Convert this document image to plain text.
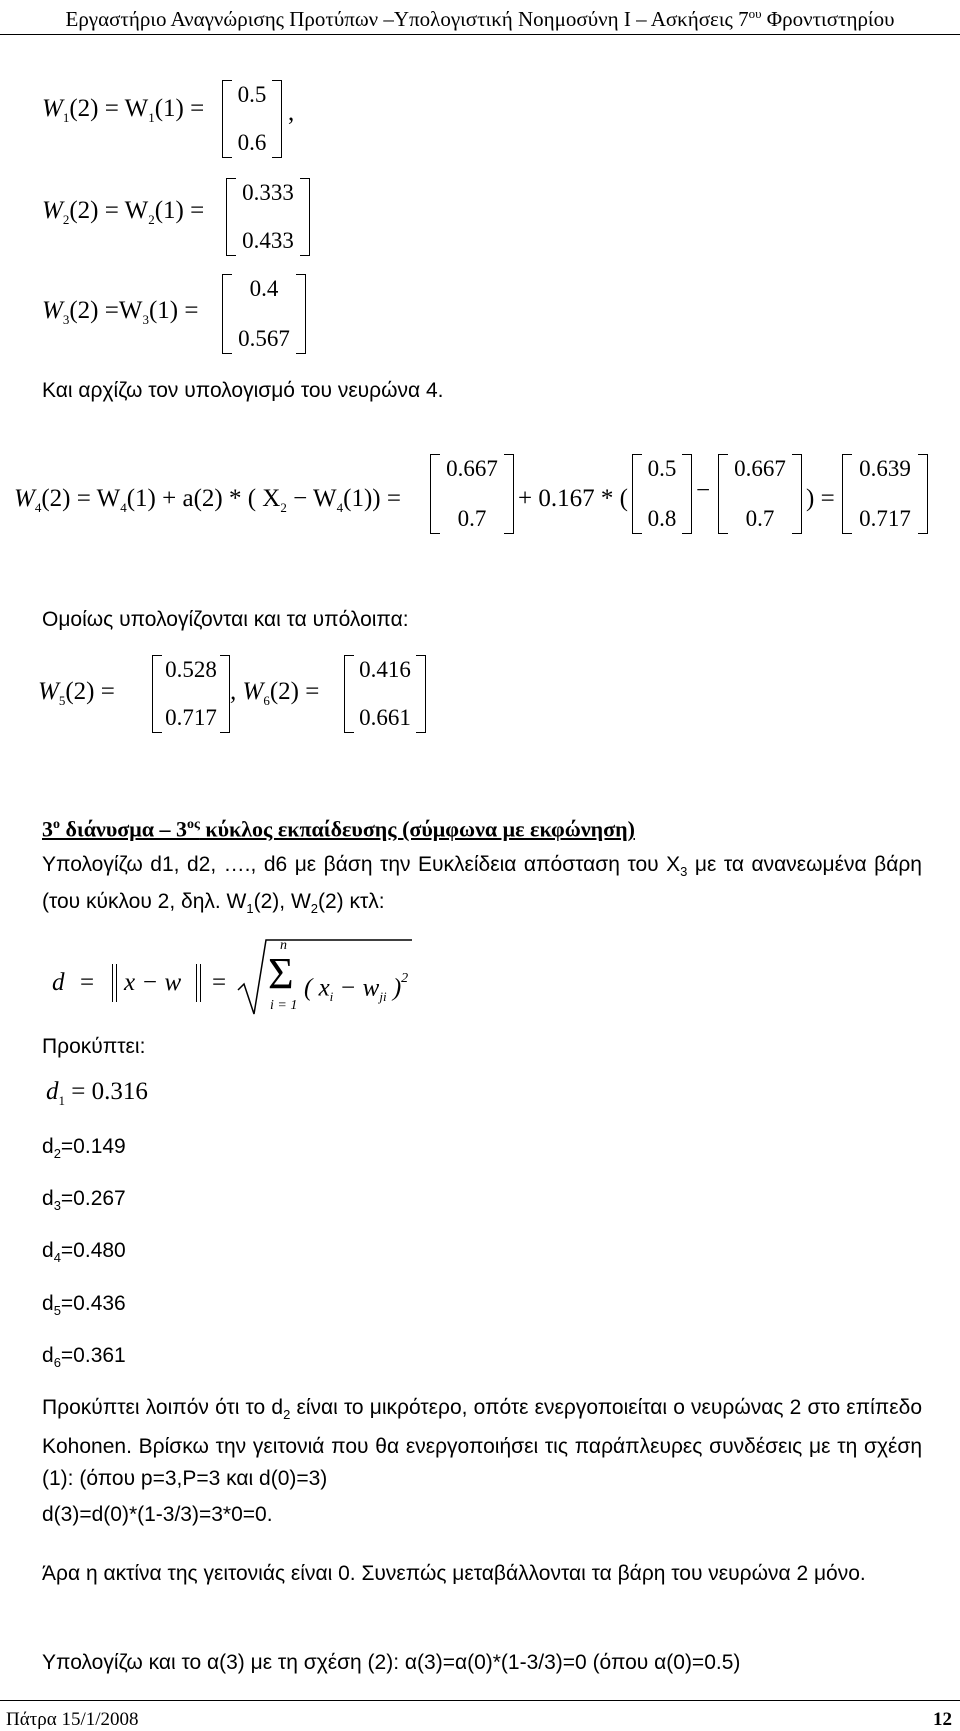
Εργαστήριο Αναγνώρισης Προτύπων –Υπολογιστική Νοημοσύνη Ι – Ασκήσεις $7^{o\upsilon}$ Φροντιστηρίου
$W_1(2) = W_1(1)$ =
0.5
0.6
,
$W_2(2) = W_2(1)$ =
0.333
0.433
$W_3(2) =W_3(1)$ =
0.4
0.567
Και αρχίζω τον υπολογισμό του νευρώνα 4.
$W_4(2) = W_4(1) + a(2)$ * ( $X_2 - W_4(1)$) =
0.667
0.7
+ 0.167 * (
0.5
0.8
−
0.667
0.7
) =
0.639
0.717
Ομοίως υπολογίζονται και τα υπόλοιπα:
$W_5(2)$ =
0.528
0.717
, $W_6(2)$ =
0.416
0.661
$3^o$ διάνυσμα – $3^{o\varsigma}$ κύκλος εκπαίδευσης (σύμφωνα με εκφώνηση)
Υπολογίζω d1, d2, …., d6 με βάση την Ευκλείδεια απόσταση του $X_3$ με τα ανανεωμένα βάρη (του κύκλου 2, δηλ. $W_1(2)$, $W_2(2)$ κτλ:
d = x − w =
n
Σ
i = 1
( $x_i - w_{ji}$ )$^2$
Προκύπτει:
$d_1 = 0.316$
$d_2=0.149$
$d_3=0.267$
$d_4=0.480$
$d_5=0.436$
$d_6=0.361$
Προκύπτει λοιπόν ότι το $d_2$ είναι το μικρότερο, οπότε ενεργοποιείται ο νευρώνας 2 στο επίπεδο Kohonen. Βρίσκω την γειτονιά που θα ενεργοποιήσει τις παράπλευρες συνδέσεις με τη σχέση (1): (όπου p=3,P=3 και d(0)=3)
d(3)=d(0)*(1-3/3)=3*0=0.
Άρα η ακτίνα της γειτονιάς είναι 0. Συνεπώς μεταβάλλονται τα βάρη του νευρώνα 2 μόνο.
Υπολογίζω και το α(3) με τη σχέση (2): α(3)=α(0)*(1-3/3)=0 (όπου α(0)=0.5)
Πάτρα 15/1/2008	12
